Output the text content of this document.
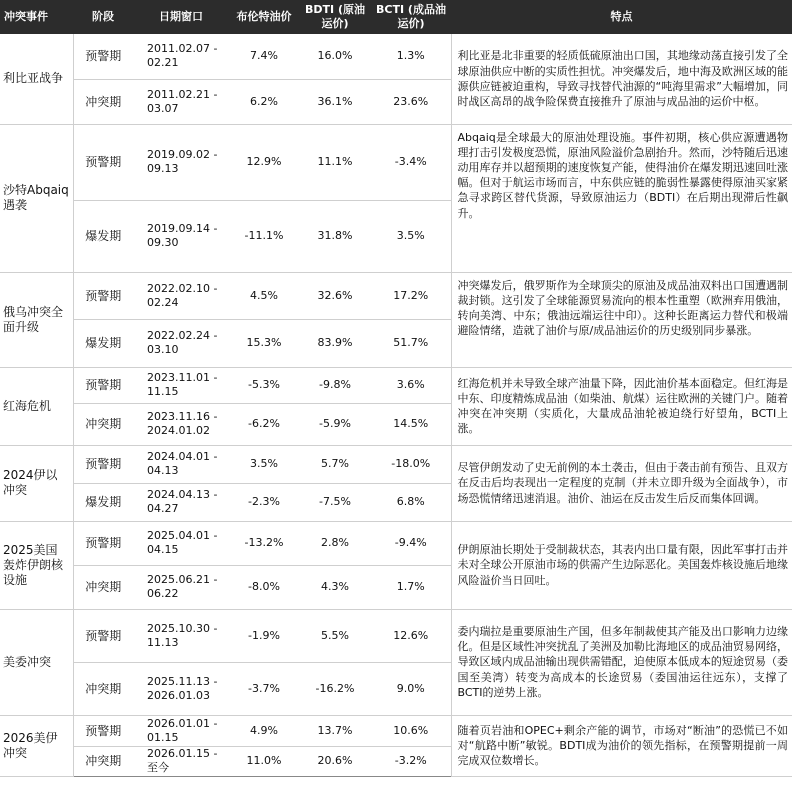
冲突事件	阶段	日期窗口	布伦特油价	BDTI (原油运价)	BCTI (成品油运价)	特点
利比亚战争	预警期	2011.02.07 - 02.21	7.4%	16.0%	1.3%	利比亚是北非重要的轻质低硫原油出口国，其地缘动荡直接引发了全球原油供应中断的实质性担忧。冲突爆发后，地中海及欧洲区域的能源供应链被迫重构，导致寻找替代油源的“吨海里需求”大幅增加，同时战区高昂的战争险保费直接推升了原油与成品油的运价中枢。
	冲突期	2011.02.21 - 03.07	6.2%	36.1%	23.6%	
沙特Abqaiq遇袭	预警期	2019.09.02 - 09.13	12.9%	11.1%	-3.4%	Abqaiq是全球最大的原油处理设施。事件初期，核心供应源遭遇物理打击引发极度恐慌，原油风险溢价急剧抬升。然而，沙特随后迅速动用库存并以超预期的速度恢复产能，使得油价在爆发期迅速回吐涨幅。但对于航运市场而言，中东供应链的脆弱性暴露使得原油买家紧急寻求跨区替代货源，导致原油运力（BDTI）在后期出现滞后性飙升。
	爆发期	2019.09.14 - 09.30	-11.1%	31.8%	3.5%	
俄乌冲突全面升级	预警期	2022.02.10 - 02.24	4.5%	32.6%	17.2%	冲突爆发后，俄罗斯作为全球顶尖的原油及成品油双料出口国遭遇制裁封锁。这引发了全球能源贸易流向的根本性重塑（欧洲弃用俄油，转向美湾、中东；俄油远端运往中印）。这种长距离运力替代和极端避险情绪，造就了油价与原/成品油运价的历史级别同步暴涨。
	爆发期	2022.02.24 - 03.10	15.3%	83.9%	51.7%	
红海危机	预警期	2023.11.01 - 11.15	-5.3%	-9.8%	3.6%	红海危机并未导致全球产油量下降，因此油价基本面稳定。但红海是中东、印度精炼成品油（如柴油、航煤）运往欧洲的关键门户。随着冲突在冲突期（实质化，大量成品油轮被迫绕行好望角，BCTI上涨。
	冲突期	2023.11.16 - 2024.01.02	-6.2%	-5.9%	14.5%	
2024伊以冲突	预警期	2024.04.01 - 04.13	3.5%	5.7%	-18.0%	尽管伊朗发动了史无前例的本土袭击，但由于袭击前有预告、且双方在反击后均表现出一定程度的克制（并未立即升级为全面战争），市场恐慌情绪迅速消退。油价、油运在反击发生后反而集体回调。
	爆发期	2024.04.13 - 04.27	-2.3%	-7.5%	6.8%	
2025美国轰炸伊朗核设施	预警期	2025.04.01 - 04.15	-13.2%	2.8%	-9.4%	伊朗原油长期处于受制裁状态，其表内出口量有限，因此军事打击并未对全球公开原油市场的供需产生边际恶化。美国轰炸核设施后地缘风险溢价当日回吐。
	冲突期	2025.06.21 - 06.22	-8.0%	4.3%	1.7%	
美委冲突	预警期	2025.10.30 - 11.13	-1.9%	5.5%	12.6%	委内瑞拉是重要原油生产国，但多年制裁使其产能及出口影响力边缘化。但是区域性冲突扰乱了美洲及加勒比海地区的成品油贸易网络，导致区域内成品油输出现供需错配，迫使原本低成本的短途贸易（委国至美湾）转变为高成本的长途贸易（委国油运往远东），支撑了BCTI的逆势上涨。
	冲突期	2025.11.13 - 2026.01.03	-3.7%	-16.2%	9.0%	
2026美伊冲突	预警期	2026.01.01 - 01.15	4.9%	13.7%	10.6%	随着页岩油和OPEC+剩余产能的调节，市场对“断油”的恐慌已不如对“航路中断”敏锐。BDTI成为油价的领先指标，在预警期提前一周完成双位数增长。
	冲突期	2026.01.15 - 至今	11.0%	20.6%	-3.2%	
